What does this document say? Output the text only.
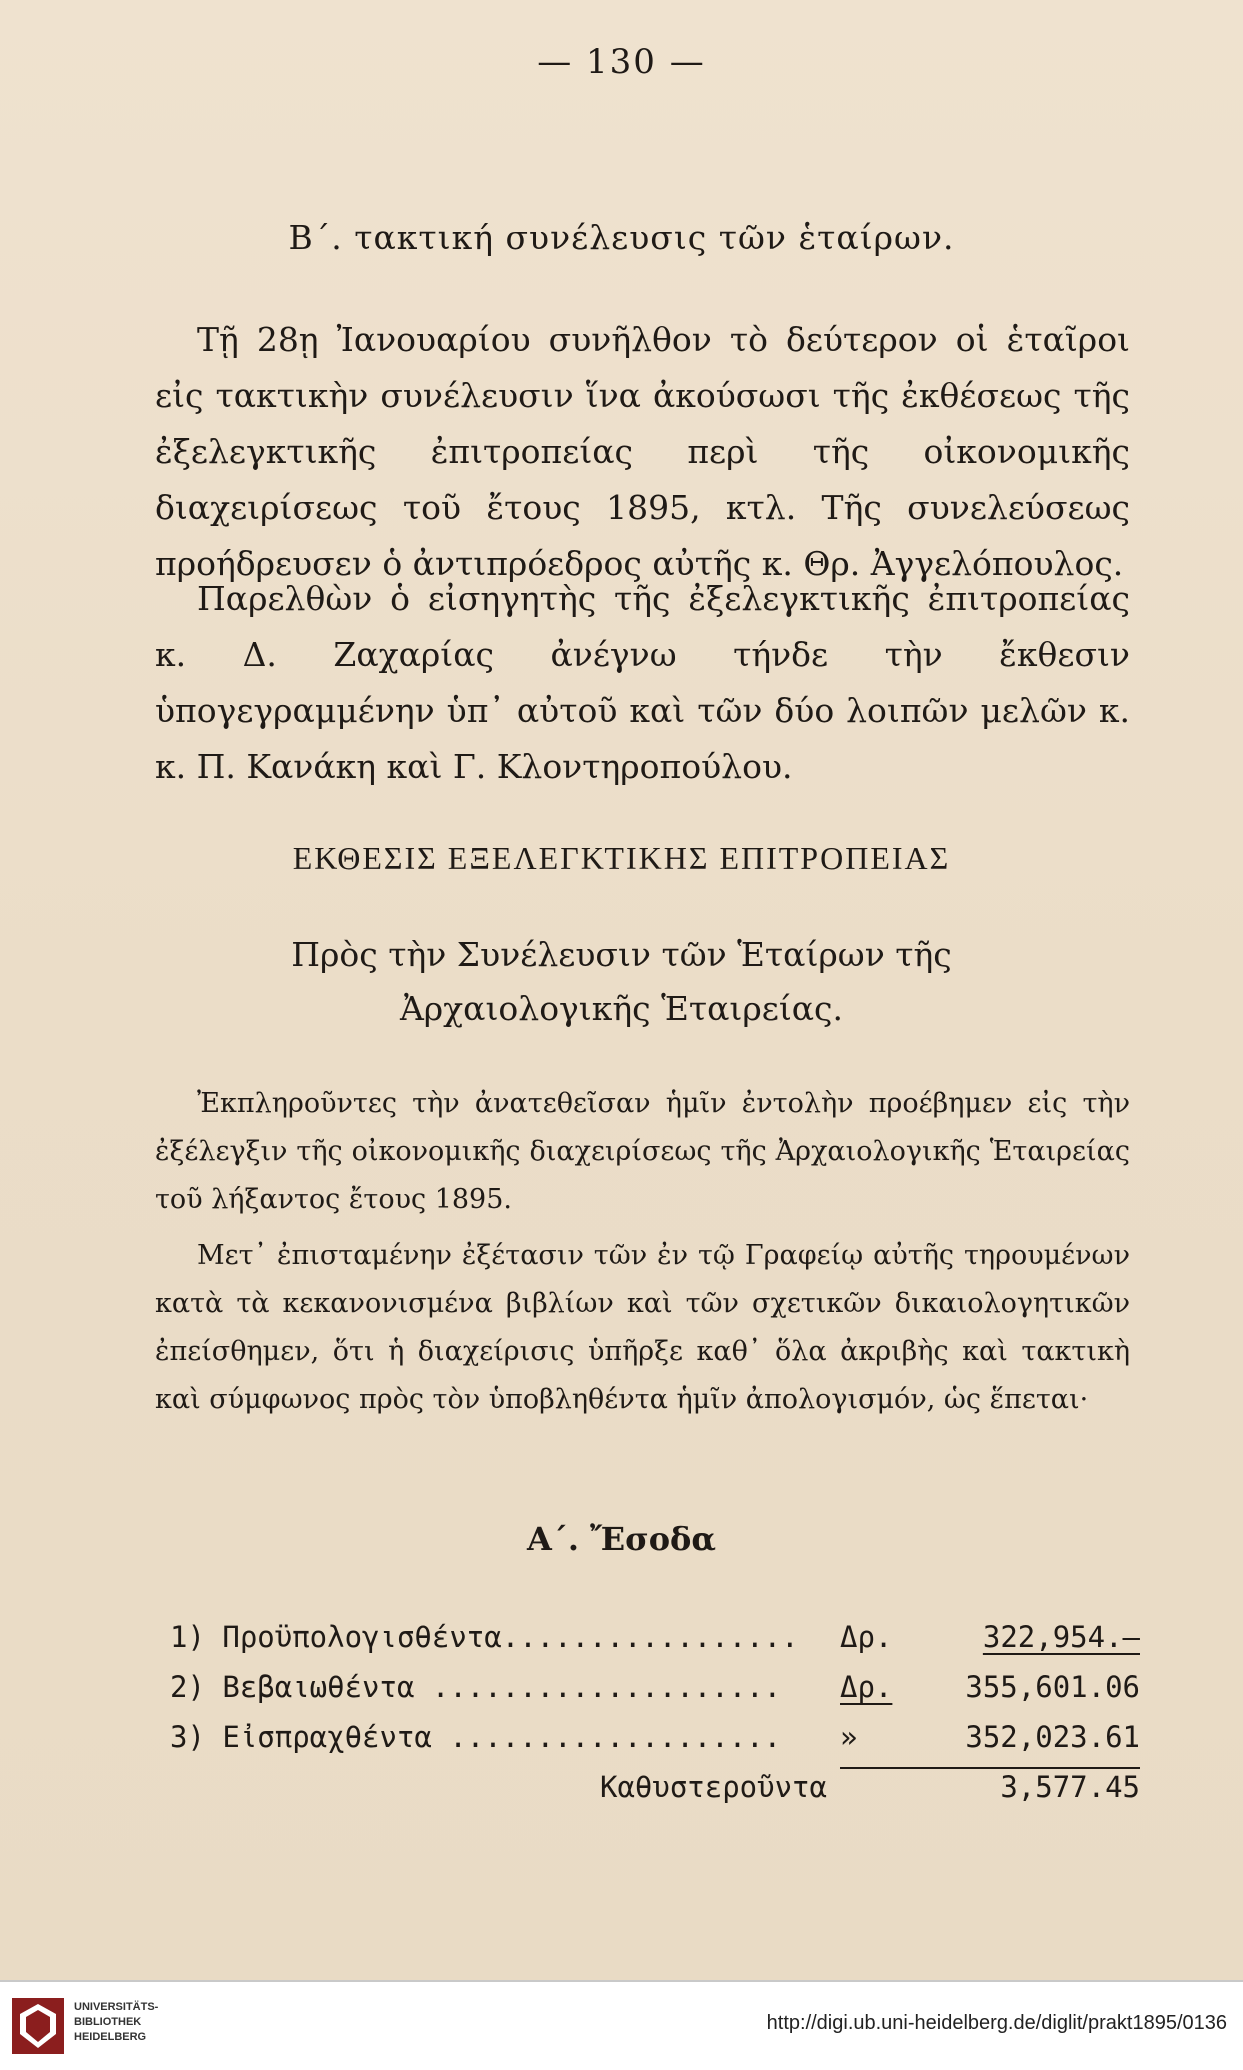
— 130 —
Β΄. τακτική συνέλευσις τῶν ἑταίρων.

Τῇ 28ῃ Ἰανουαρίου συνῆλθον τὸ δεύτερον οἱ ἑταῖροι εἰς τακτικὴν συνέλευσιν ἵνα ἀκούσωσι τῆς ἐκθέσεως τῆς ἐξελεγκτικῆς ἐπιτροπείας περὶ τῆς οἰκονομικῆς διαχειρίσεως τοῦ ἔτους 1895, κτλ. Τῆς συνελεύσεως προήδρευσεν ὁ ἀντιπρόεδρος αὐτῆς κ. Θρ. Ἀγγελόπουλος.

Παρελθὼν ὁ εἰσηγητὴς τῆς ἐξελεγκτικῆς ἐπιτροπείας κ. Δ. Ζαχαρίας ἀνέγνω τήνδε τὴν ἔκθεσιν ὑπογεγραμμένην ὑπ᾽ αὐτοῦ καὶ τῶν δύο λοιπῶν μελῶν κ. κ. Π. Κανάκη καὶ Γ. Κλοντηροπούλου.

ΕΚΘΕΣΙΣ ΕΞΕΛΕΓΚΤΙΚΗΣ ΕΠΙΤΡΟΠΕΙΑΣ
Πρὸς τὴν Συνέλευσιν τῶν Ἑταίρων τῆς
Ἀρχαιολογικῆς Ἑταιρείας.

Ἐκπληροῦντες τὴν ἀνατεθεῖσαν ἡμῖν ἐντολὴν προέβημεν εἰς τὴν ἐξέλεγξιν τῆς οἰκονομικῆς διαχειρίσεως τῆς Ἀρχαιολογικῆς Ἑταιρείας τοῦ λήξαντος ἔτους 1895.

Μετ᾽ ἐπισταμένην ἐξέτασιν τῶν ἐν τῷ Γραφείῳ αὐτῆς τηρουμένων κατὰ τὰ κεκανονισμένα βιβλίων καὶ τῶν σχετικῶν δικαιολογητικῶν ἐπείσθημεν, ὅτι ἡ διαχείρισις ὑπῆρξε καθ᾽ ὅλα ἀκριβὴς καὶ τακτικὴ καὶ σύμφωνος πρὸς τὸν ὑποβληθέντα ἡμῖν ἀπολογισμόν, ὡς ἕπεται·

Α΄. Ἔσοδα
1) Προϋπολογισθέντα................. Δρ.	322,954.—
2) Βεβαιωθέντα .................... Δρ.	355,601.06
3) Εἰσπραχθέντα ................... »	352,023.61
Καθυστεροῦντα	3,577.45
UNIVERSITÄTS-
BIBLIOTHEK
HEIDELBERG
http://digi.ub.uni-heidelberg.de/diglit/prakt1895/0136
